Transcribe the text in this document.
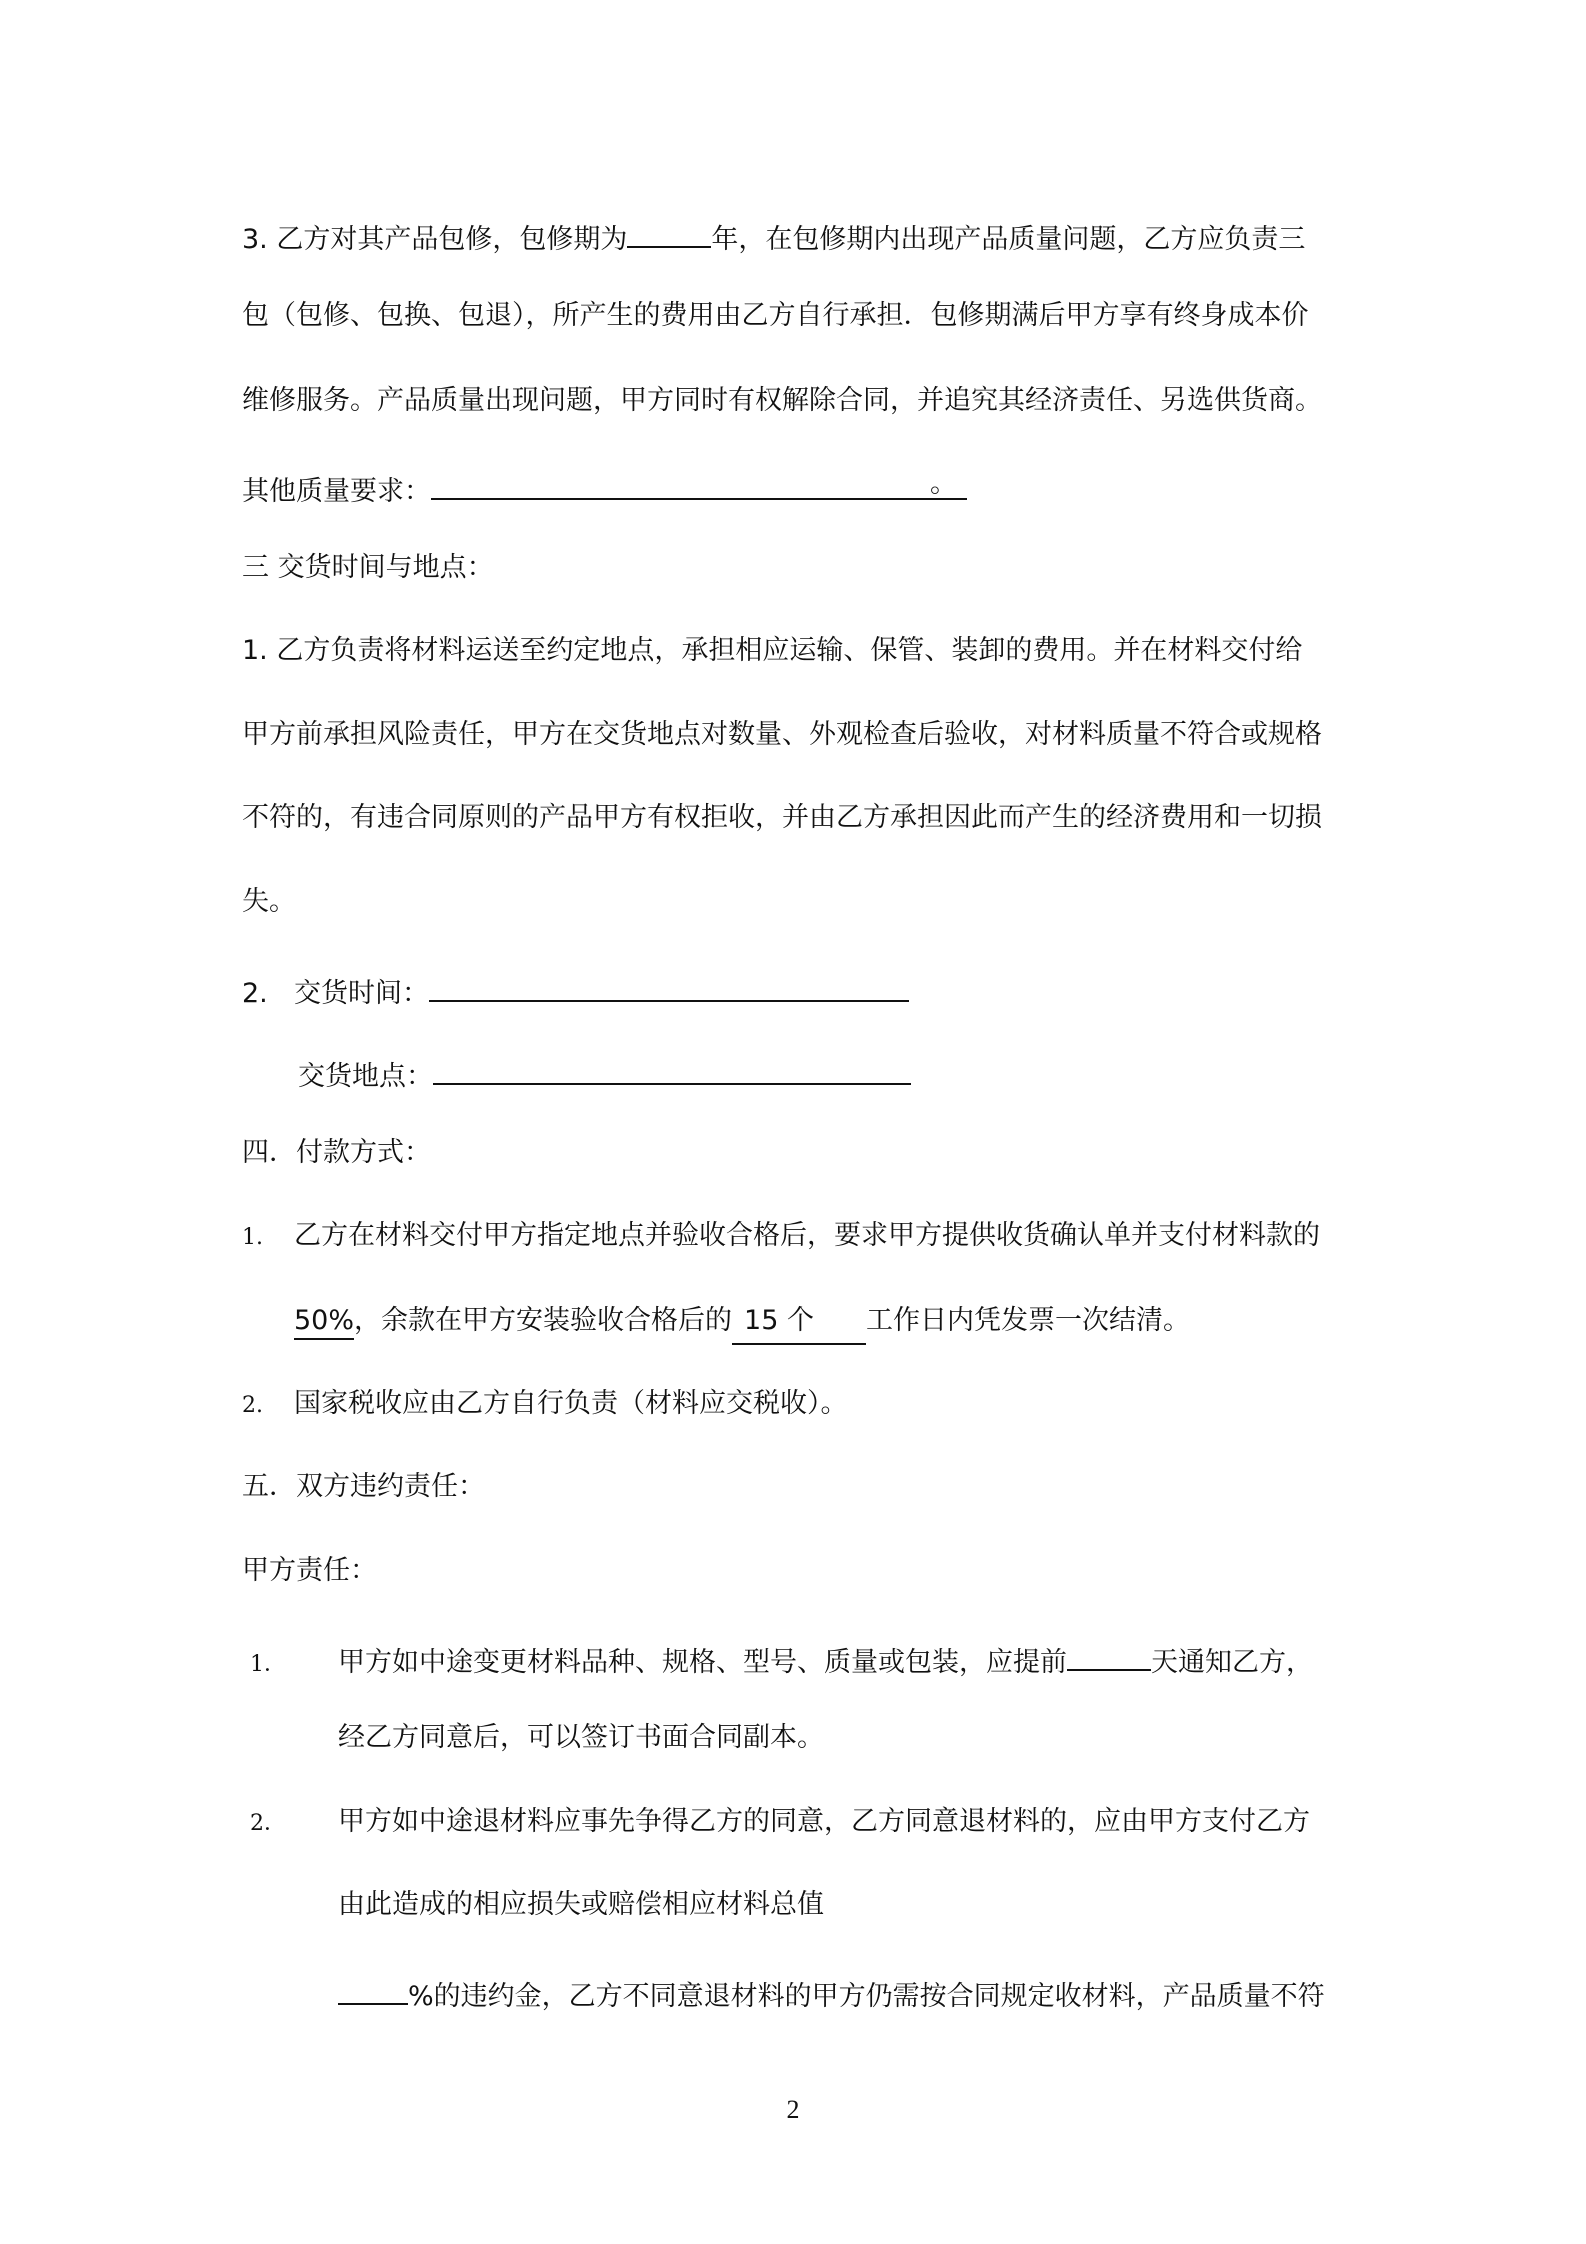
3. 乙方对其产品包修，包修期为	年，在包修期内出现产品质量问题，乙方应负责三
包（包修、包换、包退），所产生的费用由乙方自行承担．包修期满后甲方享有终身成本价
维修服务。产品质量出现问题，甲方同时有权解除合同，并追究其经济责任、另选供货商。
其他质量要求：	。
三 交货时间与地点：
1. 乙方负责将材料运送至约定地点，承担相应运输、保管、装卸的费用。并在材料交付给
甲方前承担风险责任，甲方在交货地点对数量、外观检查后验收，对材料质量不符合或规格
不符的，有违合同原则的产品甲方有权拒收，并由乙方承担因此而产生的经济费用和一切损
失。
2. 交货时间：
交货地点：
四．付款方式：
1. 乙方在材料交付甲方指定地点并验收合格后，要求甲方提供收货确认单并支付材料款的
50%，余款在甲方安装验收合格后的 15 个 工作日内凭发票一次结清。
2. 国家税收应由乙方自行负责（材料应交税收）。
五．双方违约责任：
甲方责任：
1． 甲方如中途变更材料品种、规格、型号、质量或包装，应提前	天通知乙方，
经乙方同意后，可以签订书面合同副本。
2． 甲方如中途退材料应事先争得乙方的同意，乙方同意退材料的，应由甲方支付乙方
由此造成的相应损失或赔偿相应材料总值
%的违约金，乙方不同意退材料的甲方仍需按合同规定收材料，产品质量不符
2
